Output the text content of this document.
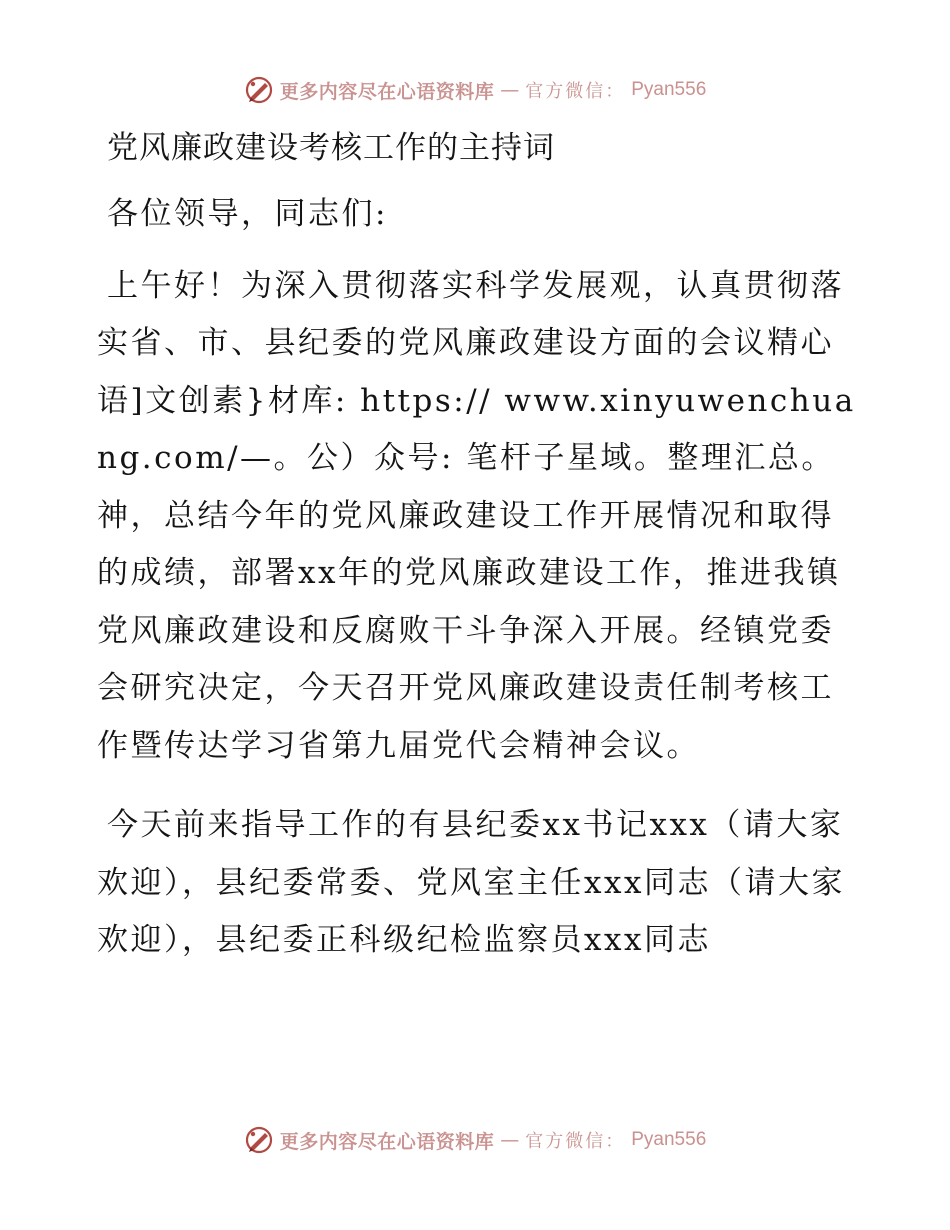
更多内容尽在心语资料库 — 官方微信： Pyan556
党风廉政建设考核工作的主持词

各位领导，同志们:

上午好！为深入贯彻落实科学发展观，认真贯彻落实省、市、县纪委的党风廉政建设方面的会议精心语]文创素}材库: https:// www.xinyuwenchuang.com/—。公）众号: 笔杆子星域。整理汇总。神，总结今年的党风廉政建设工作开展情况和取得的成绩，部署xx年的党风廉政建设工作，推进我镇党风廉政建设和反腐败干斗争深入开展。经镇党委会研究决定，今天召开党风廉政建设责任制考核工作暨传达学习省第九届党代会精神会议。

今天前来指导工作的有县纪委xx书记xxx（请大家欢迎），县纪委常委、党风室主任xxx同志（请大家欢迎），县纪委正科级纪检监察员xxx同志

更多内容尽在心语资料库 — 官方微信： Pyan556
